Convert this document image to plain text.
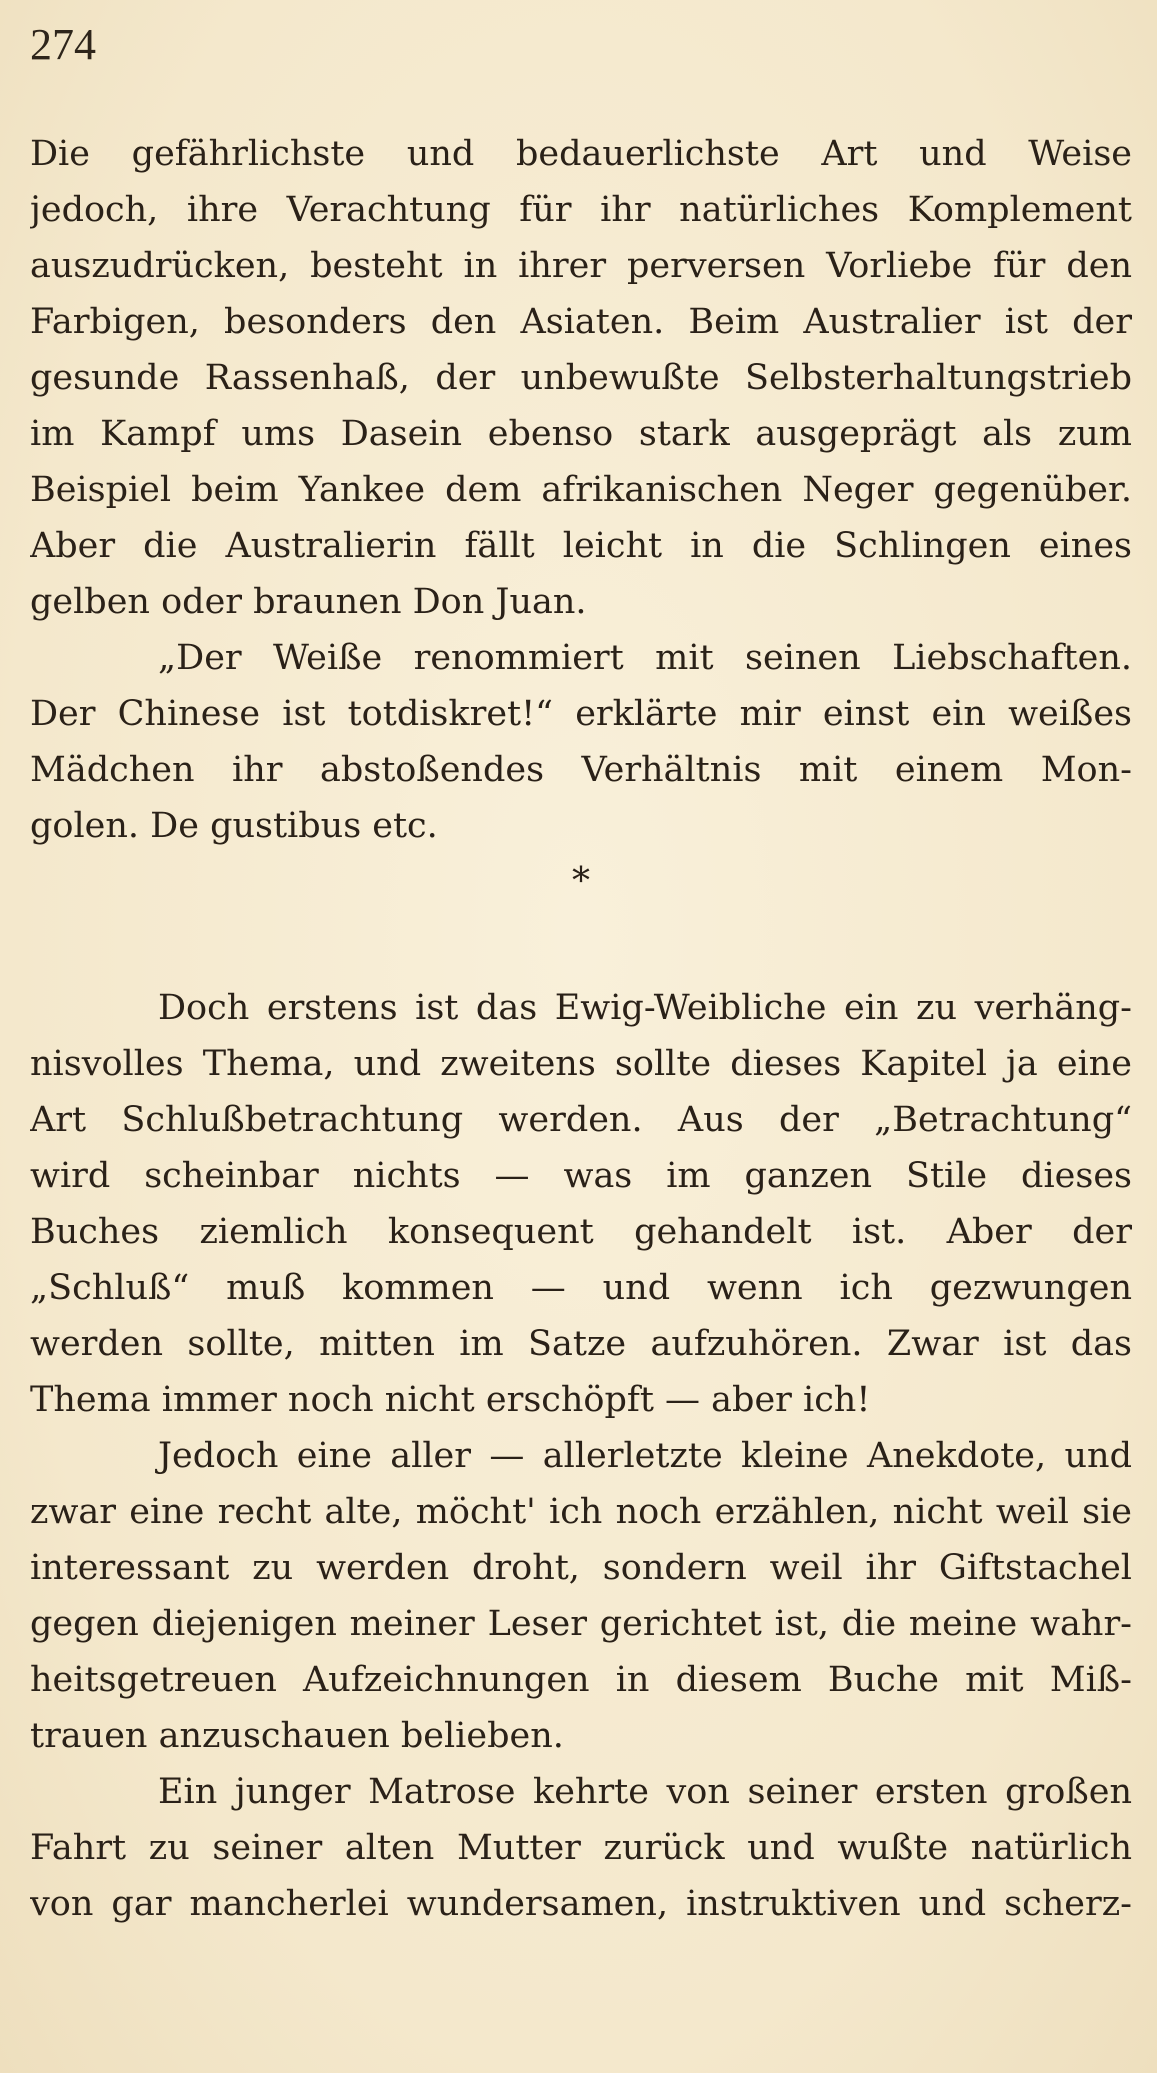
274
Die gefährlichste und bedauerlichste Art und Weise
jedoch, ihre Verachtung für ihr natürliches Komplement
auszudrücken, besteht in ihrer perversen Vorliebe für den
Farbigen, besonders den Asiaten. Beim Australier ist der
gesunde Rassenhaß, der unbewußte Selbsterhaltungstrieb
im Kampf ums Dasein ebenso stark ausgeprägt als zum
Beispiel beim Yankee dem afrikanischen Neger gegenüber.
Aber die Australierin fällt leicht in die Schlingen eines
gelben oder braunen Don Juan.
„Der Weiße renommiert mit seinen Liebschaften.
Der Chinese ist totdiskret!“ erklärte mir einst ein weißes
Mädchen ihr abstoßendes Verhältnis mit einem Mon-
golen. De gustibus etc.
*
Doch erstens ist das Ewig-Weibliche ein zu verhäng-
nisvolles Thema, und zweitens sollte dieses Kapitel ja eine
Art Schlußbetrachtung werden. Aus der „Betrachtung“
wird scheinbar nichts — was im ganzen Stile dieses
Buches ziemlich konsequent gehandelt ist. Aber der
„Schluß“ muß kommen — und wenn ich gezwungen
werden sollte, mitten im Satze aufzuhören. Zwar ist das
Thema immer noch nicht erschöpft — aber ich!
Jedoch eine aller — allerletzte kleine Anekdote, und
zwar eine recht alte, möcht' ich noch erzählen, nicht weil sie
interessant zu werden droht, sondern weil ihr Giftstachel
gegen diejenigen meiner Leser gerichtet ist, die meine wahr-
heitsgetreuen Aufzeichnungen in diesem Buche mit Miß-
trauen anzuschauen belieben.
Ein junger Matrose kehrte von seiner ersten großen
Fahrt zu seiner alten Mutter zurück und wußte natürlich
von gar mancherlei wundersamen, instruktiven und scherz-
